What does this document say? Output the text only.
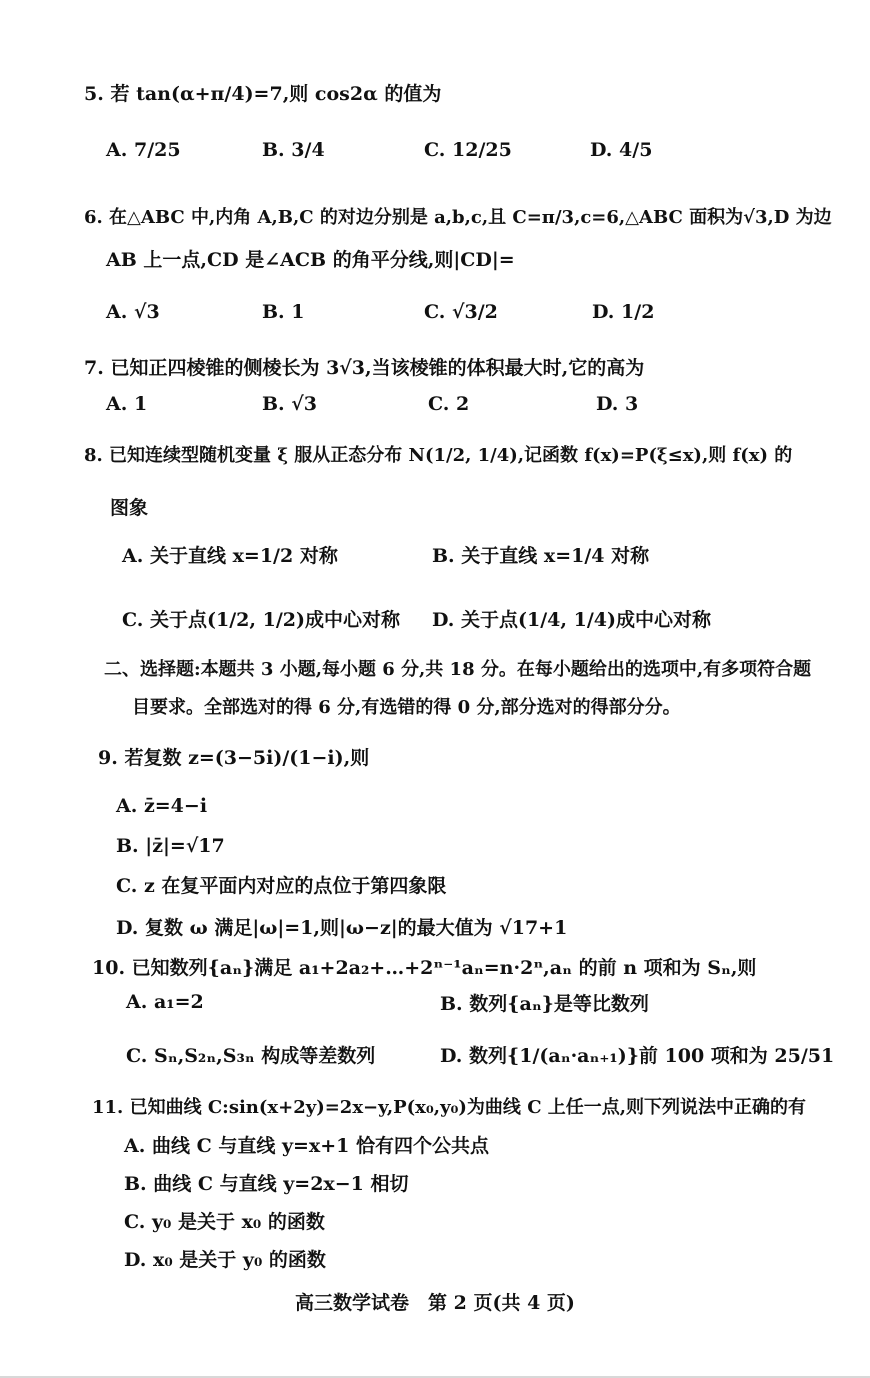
5. 若 tan(α+π/4)=7,则 cos2α 的值为
A. 7/25	B. 3/4	C. 12/25	D. 4/5
6. 在△ABC 中,内角 A,B,C 的对边分别是 a,b,c,且 C=π/3,c=6,△ABC 面积为√3,D 为边
AB 上一点,CD 是∠ACB 的角平分线,则|CD|=
A. √3	B. 1	C. √3/2	D. 1/2
7. 已知正四棱锥的侧棱长为 3√3,当该棱锥的体积最大时,它的高为
A. 1	B. √3	C. 2	D. 3
8. 已知连续型随机变量 ξ 服从正态分布 N(1/2, 1/4),记函数 f(x)=P(ξ≤x),则 f(x) 的
图象
A. 关于直线 x=1/2 对称	B. 关于直线 x=1/4 对称
C. 关于点(1/2, 1/2)成中心对称 D. 关于点(1/4, 1/4)成中心对称
二、选择题:本题共 3 小题,每小题 6 分,共 18 分。在每小题给出的选项中,有多项符合题
目要求。全部选对的得 6 分,有选错的得 0 分,部分选对的得部分分。
9. 若复数 z=(3−5i)/(1−i),则
A. z̄=4−i
B. |z̄|=√17
C. z 在复平面内对应的点位于第四象限
D. 复数 ω 满足|ω|=1,则|ω−z|的最大值为 √17+1
10. 已知数列{aₙ}满足 a₁+2a₂+…+2ⁿ⁻¹aₙ=n·2ⁿ,aₙ 的前 n 项和为 Sₙ,则
A. a₁=2	B. 数列{aₙ}是等比数列
C. Sₙ,S₂ₙ,S₃ₙ 构成等差数列	D. 数列{1/(aₙ·aₙ₊₁)}前 100 项和为 25/51
11. 已知曲线 C:sin(x+2y)=2x−y,P(x₀,y₀)为曲线 C 上任一点,则下列说法中正确的有
A. 曲线 C 与直线 y=x+1 恰有四个公共点
B. 曲线 C 与直线 y=2x−1 相切
C. y₀ 是关于 x₀ 的函数
D. x₀ 是关于 y₀ 的函数
高三数学试卷　第 2 页(共 4 页)
